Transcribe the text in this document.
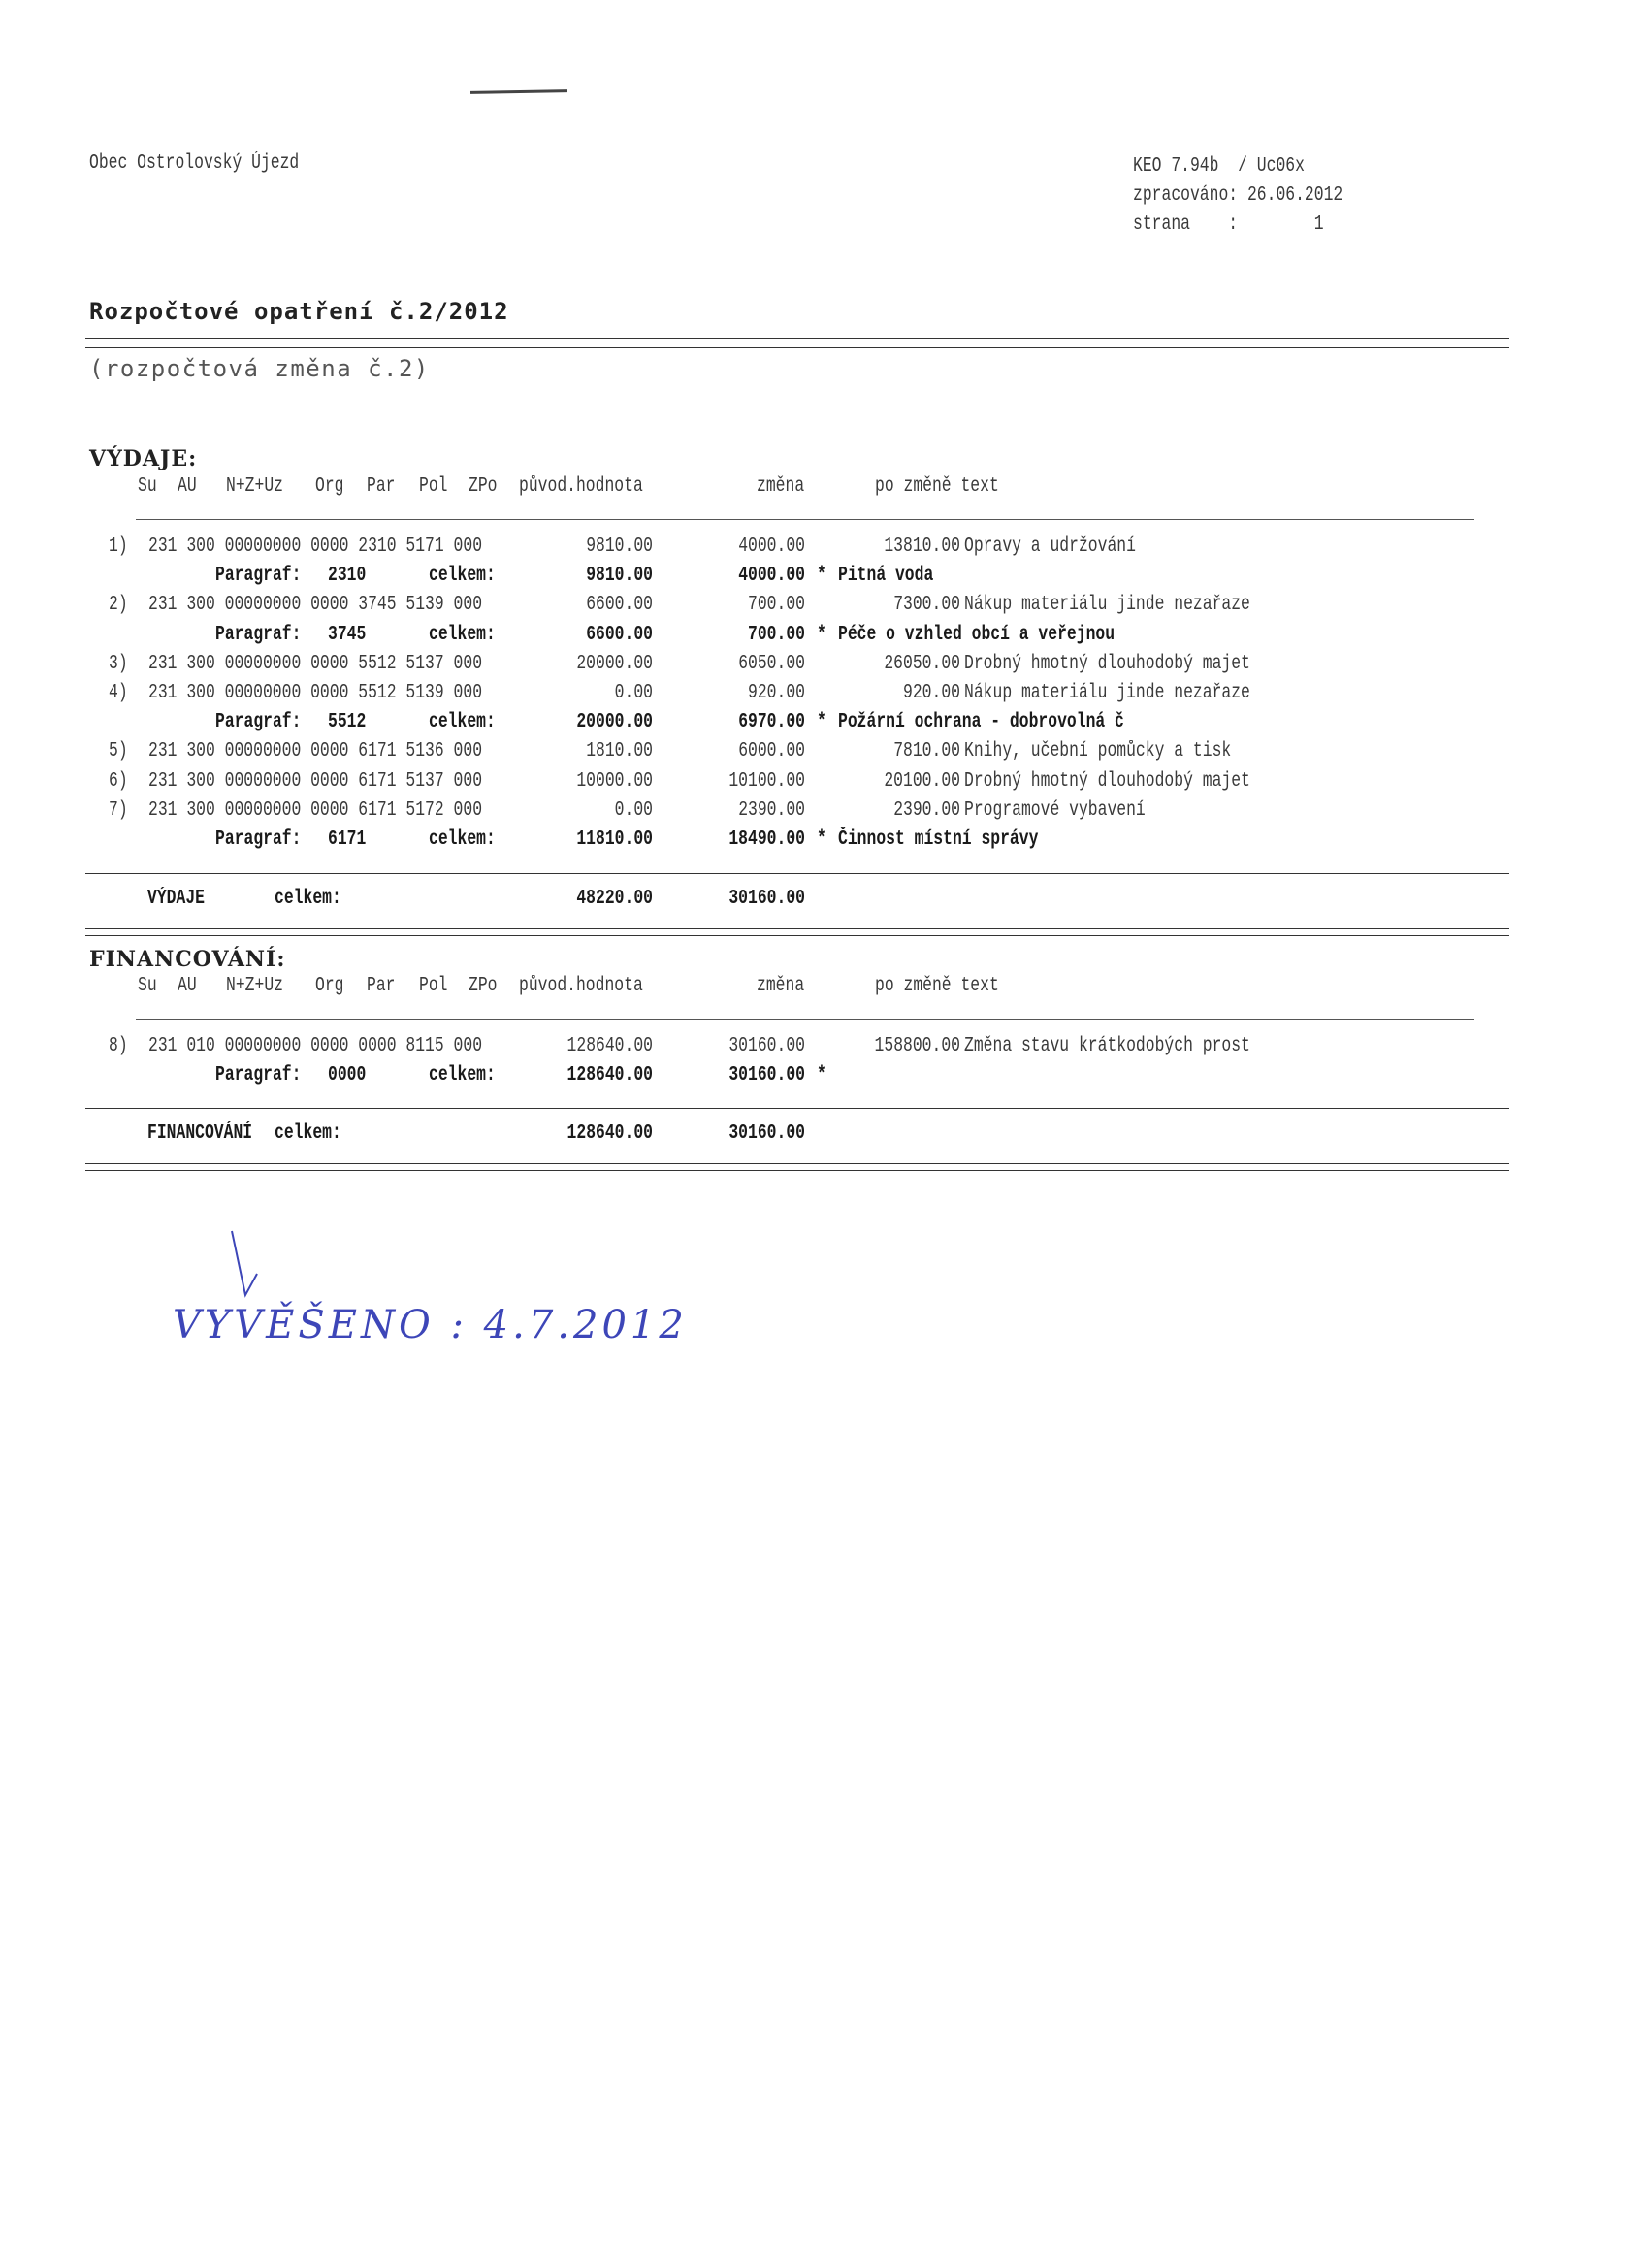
Obec Ostrolovský Újezd	KEO 7.94b  / Uc06x
zpracováno: 26.06.2012
strana    :        1
Rozpočtové opatření č.2/2012
(rozpočtová změna č.2)
VÝDAJE:
Su AU N+Z+Uz Org Par Pol ZPo původ.hodnota	změna	po změně text
1) 231 300 00000000 0000 2310 5171 000	9810.00	4000.00	13810.00 Opravy a udržování
Paragraf: 2310	celkem:	9810.00	4000.00 * Pitná voda
2) 231 300 00000000 0000 3745 5139 000	6600.00	700.00	7300.00 Nákup materiálu jinde nezařaze
Paragraf: 3745	celkem:	6600.00	700.00 * Péče o vzhled obcí a veřejnou
3) 231 300 00000000 0000 5512 5137 000	20000.00	6050.00	26050.00 Drobný hmotný dlouhodobý majet
4) 231 300 00000000 0000 5512 5139 000	0.00	920.00	920.00 Nákup materiálu jinde nezařaze
Paragraf: 5512	celkem:	20000.00	6970.00 * Požární ochrana - dobrovolná č
5) 231 300 00000000 0000 6171 5136 000	1810.00	6000.00	7810.00 Knihy, učební pomůcky a tisk
6) 231 300 00000000 0000 6171 5137 000	10000.00	10100.00	20100.00 Drobný hmotný dlouhodobý majet
7) 231 300 00000000 0000 6171 5172 000	0.00	2390.00	2390.00 Programové vybavení
Paragraf: 6171	celkem:	11810.00	18490.00 * Činnost místní správy
VÝDAJE	celkem:	48220.00	30160.00
FINANCOVÁNÍ:
Su AU N+Z+Uz Org Par Pol ZPo původ.hodnota	změna	po změně text
8) 231 010 00000000 0000 0000 8115 000	128640.00	30160.00	158800.00 Změna stavu krátkodobých prost
Paragraf: 0000	celkem:	128640.00	30160.00 *
FINANCOVÁNÍ celkem:	128640.00	30160.00
VYVĚŠENO : 4.7.2012
